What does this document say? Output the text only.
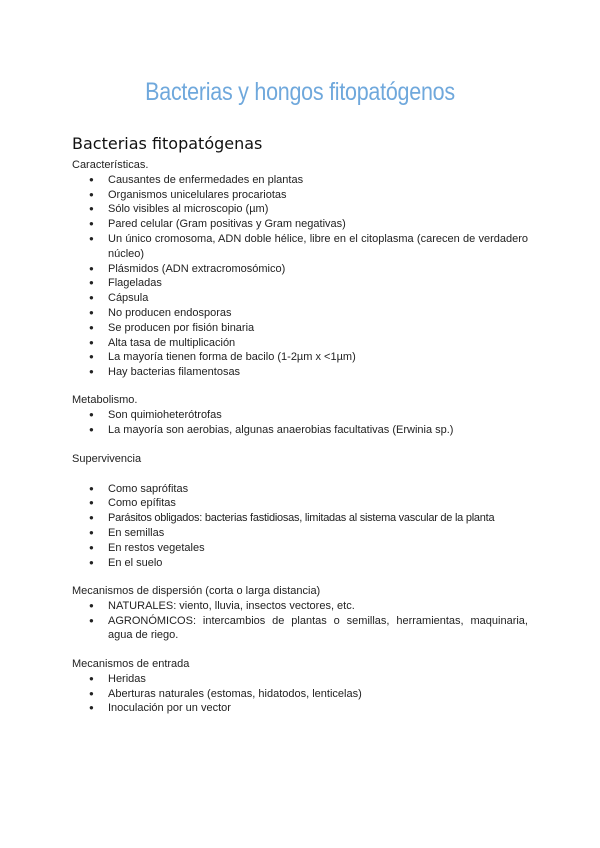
Bacterias y hongos fitopatógenos
Bacterias fitopatógenas

Características.

● Causantes de enfermedades en plantas
● Organismos unicelulares procariotas
● Sólo visibles al microscopio (µm)
● Pared celular (Gram positivas y Gram negativas)
● Un único cromosoma, ADN doble hélice, libre en el citoplasma (carecen de verdadero núcleo)
● Plásmidos (ADN extracromosómico)
● Flageladas
● Cápsula
● No producen endosporas
● Se producen por fisión binaria
● Alta tasa de multiplicación
● La mayoría tienen forma de bacilo (1-2µm x <1µm)
● Hay bacterias filamentosas

Metabolismo.

● Son quimioheterótrofas
● La mayoría son aerobias, algunas anaerobias facultativas (Erwinia sp.)

Supervivencia

● Como saprófitas
● Como epífitas
● Parásitos obligados: bacterias fastidiosas, limitadas al sistema vascular de la planta
● En semillas
● En restos vegetales
● En el suelo

Mecanismos de dispersión (corta o larga distancia)

● NATURALES: viento, lluvia, insectos vectores, etc.
● AGRONÓMICOS: intercambios de plantas o semillas, herramientas, maquinaria, agua de riego.

Mecanismos de entrada

● Heridas
● Aberturas naturales (estomas, hidatodos, lenticelas)
● Inoculación por un vector
